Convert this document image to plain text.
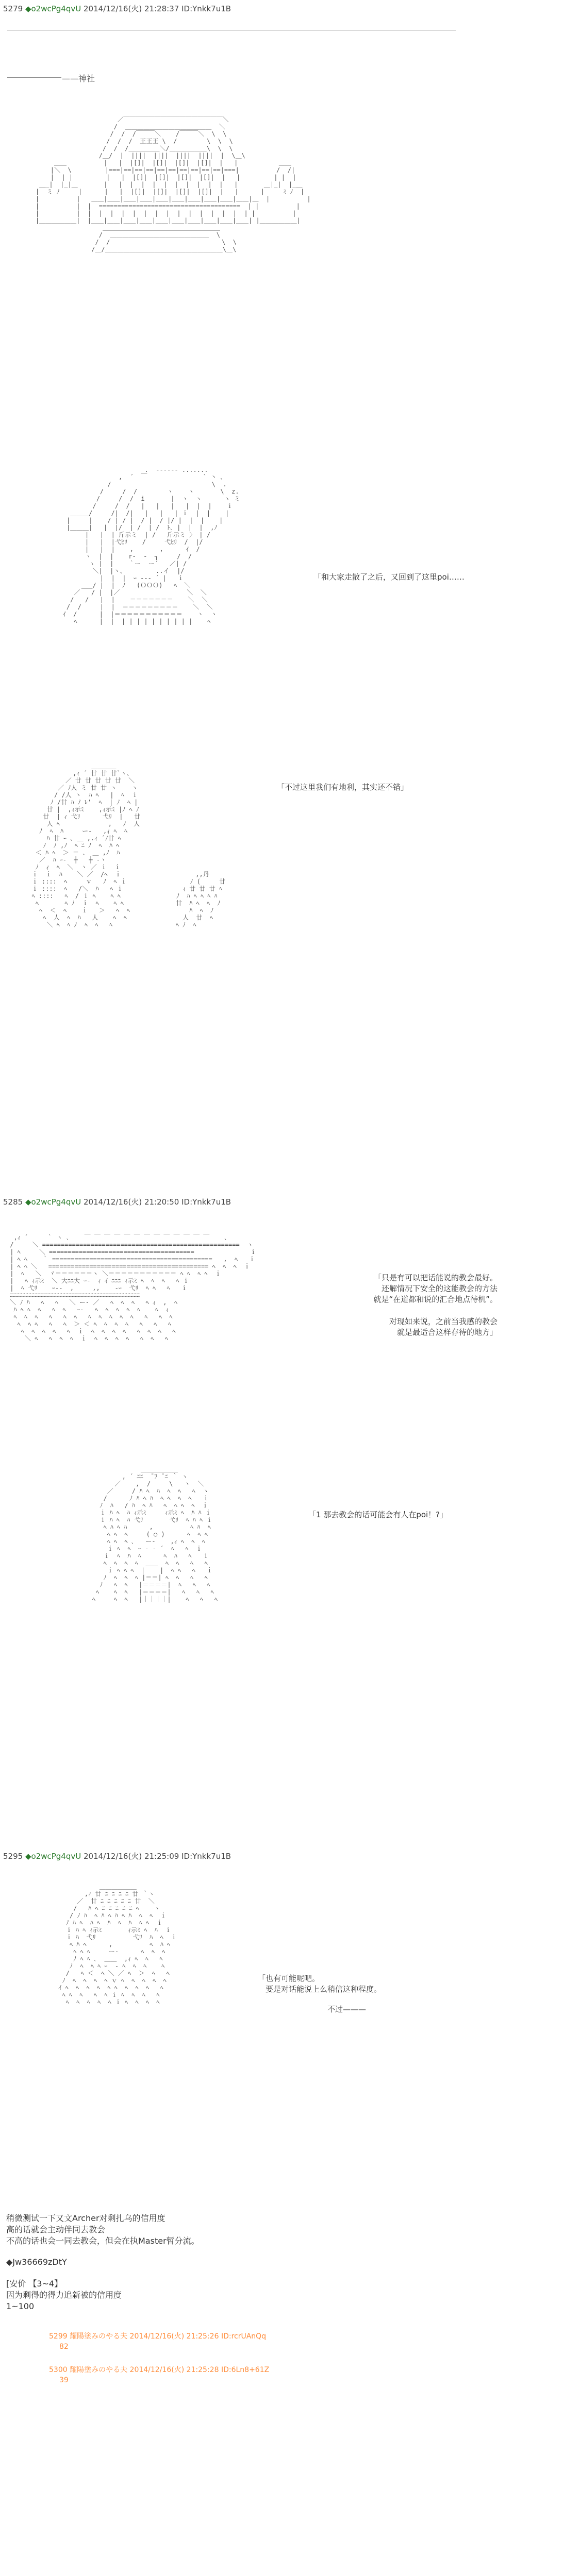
5279 ◆o2wcPg4qvU 2014/12/16(火) 21:28:37 ID:Ynkk7u1B
——神社
／￣￣￣￣￣￣￣￣￣￣￣￣￣￣￣￣＼
/  ＿＿＿＿＿＿＿＿＿＿＿＿＿＿  ＼
/  /  /￣￣￣＼    /￣￣￣＼  \  \
/  /  /  王王王 \  /        \  \  \
/  /  /＿＿＿＿＿＼/＿＿＿＿＿＿\  \  \
/＿/  |  ||||  ||||  ||||  ||||  |  \＿\
＿＿          |   |  |[]|  |[]|  |[]|  |[]|  |   |           ＿＿
|＼  \         |===|==|==|==|==|==|==|==|==|==|===|          /  /|
|  | |         |   |  |[]|  |[]|  |[]|  |[]|  |   |         | |  |
＿_|  |_|＿       |   |  |  |  |  |  |  |  |  |  |   |       ＿|_|  |_＿
|  ミ ﾉ     |      |   |  |[]|  |[]|  |[]|  |[]|  |   |      |     ﾐ ﾉ  |
|          |   ＿＿|＿＿|＿＿|＿＿|＿＿|＿＿|＿＿|＿＿|＿＿|＿＿|＿  |          |
|          |  |  ======================================  | |          |
|          |  |  |  |  |  |  |  |  |  |  |  |  |  |  |  | |          |
|＿＿＿＿＿＿|  |＿＿|＿＿|＿＿|＿＿|＿＿|＿＿|＿＿|＿＿|＿＿|＿＿| |＿＿＿＿＿＿|
＿＿＿＿＿＿＿＿＿＿＿＿＿＿＿＿＿＿＿
/  ＿＿＿＿＿＿＿＿＿＿＿＿＿＿＿＿  \
/  /                              \  \
/＿/＿＿＿＿＿＿＿＿＿＿＿＿＿＿＿＿＿＿＿\＿\

.  ---‐‐‐ .......
,  ´  ￣               ` 丶 、
/                           \  .
/     /  /        ヽ    ヽ       \  z.
/     /  /  i       |  ヽ  ヽ      ヽ ミ
/     /  /   |   |   |   |  |  |    ｉ
＿＿＿/     /|  /|   |   |   | ｉ  |  |    |
|     |    / | / |  / |  / |/ |  |  |    |
|＿＿＿|   |  |/  | /  | /  ﾄ､ |  |  |  ,ﾉ
|   |  | 斤示ミ  | /   斤示ミ 〉 | /
|   |  |弋ﾋﾘ    /     弋ﾋﾘ  /  |/
|   |  |    ,       ,      ｲ  /
ヽ  |  |    r‐  ‐  ┐     /  /
ヽ |  |    ｀ー  ー´   ／| /
＼|  |ヽ、        ..イ  |/
|  |  |  ｰ --‐ ´ |   ｉ
___/ |  |  ﾉ   (ＯＯＯ)   ﾍ  ＼
／   / |  |／                  ＼  ＼
/   /   |  |    ＝＝＝＝＝＝＝    ＼  ＼
/  /     |  |  ＝＝＝＝＝＝＝＝＝    ＼  ＼
ｲ  /      |  |＝＝＝＝＝＝＝＝＝＝＝    ヽ  ヽ
ﾍ      |  |  | | | | | | | | | |    ﾍ

「和大家走散了之后，又回到了这里poi……
＿＿＿＿
,ｨ ´ 廿 廿 廿`ヽ、
／ 廿 廿 廿 廿 廿  ＼
／ ﾉ人 ミ 廿 廿 ヽ    ヽ
/ /人 ヽ  ﾊ ﾍ   |  ﾍ  ｉ
ﾉ /廿 ﾊ ﾉ ﾚ'  ﾍ  | ﾉ  ﾍ |
廿 |  ,ｨ示ﾐ    ,ｨ示ﾐ |ﾉ ﾍ ﾉ
廿  | ｨ 弋ﾘ      弋ﾘ  |   廿
人 ﾍ             ,   ﾉ  人
ﾉ  ﾍ  ﾊ     ー‐   ,ｨ ﾍ  ﾍ
ﾊ 廿 ｰ ､ ＿ ,.ｨ ´ﾉ廿 ﾍ
ﾉ  ﾉ ,ﾉ  ﾍ ﾆ ﾉ  ﾍ  ﾊ ﾍ
＜ ﾊ ﾍ  ＞ ＝ 、 ＿ ,ﾉ  ﾊ
／  ﾊ ｰ‐  ┼   ┼ ‐ヽ
ﾉ  ｨ  ﾍ  ＼  ヽ ／ ｉ  ｉ
ｉ  ｉ  ﾊ    ＼ ／  /ﾍ  ｉ                    ,,丹
ｉ ::::  ﾍ     ｖ   ﾉ  ﾍ ｉ                 ﾉ (     廿
ｉ ::::  ﾍ   /＼  ﾊ   ﾍ ｉ                ｨ 廿 廿 廿 ﾍ
ﾍ ::::   ﾍ  / ｉ ﾍ    ﾍ ﾍ               ﾉ  ﾊ ﾍ ﾍ ﾍ ﾊ
ﾍ       ﾍ ﾉ  ｉ  ﾍ    ﾍ ﾍ              廿  ﾊ ﾍ  ﾍ  ﾉ
ﾍ  ＜  ﾍ    ｉ   ＞   ﾍ  ﾍ                ﾊ  ﾍ  ﾉ
ﾍ  人  ﾍ  ﾊ   人    ﾍ  ﾍ               人  廿  ﾍ
＼ ﾍ  ﾍ ﾉ  ﾍ  ﾍ   ﾍ                 ﾍ ﾉ  ﾍ

「不过这里我们有地利，其实还不错」
5285 ◆o2wcPg4qvU 2014/12/16(火) 21:20:50 ID:Ynkk7u1B
,ｨ ´     ｀ ヽ ､    ￣ ￣ ￣ ￣ ￣ ￣ ￣ ￣ ￣ ￣ ￣ ￣ ￣    ､
/     ＼ =====================================================  ヽ
| ﾍ     ＼ =======================================               ｉ
| ﾍ ﾍ    ｀ ===========================================   ,  ﾍ   ｉ
| ﾍ ﾍ ＼   =========================================== ﾍ  ﾍ  ﾍ  ｉ
|  ﾍ   ＼  ヾ＝＝＝＝＝＝ヽ ＼＝＝＝＝＝＝＝＝＝＝＝ ﾍ ﾍ  ﾍ ﾍ  ｉ
|   ﾍ ｨ示ﾐ  ＼ 大ﾆﾆ大 ｰ‐  ｨ ｲ ﾆﾆﾆ ｨ示ﾐ ﾍ  ﾍ  ﾍ   ﾍ ｉ
|  ﾍ 弋ﾘ    ｰ-‐  ,     ,,    ‐ｰ  弋ﾘ  ﾍ ﾍ   ﾍ   ｉ
ﾆﾆﾆﾆﾆﾆﾆﾆﾆﾆﾆﾆﾆﾆﾆﾆﾆﾆﾆﾆﾆﾆﾆﾆﾆﾆﾆﾆﾆﾆﾆﾆﾆﾆﾆﾆﾆﾆﾆﾆﾆﾆ
＼ ﾉ ﾊ   ﾍ   ﾍ   ＼ ー‐ ／   ﾍ  ﾍ  ﾍ   ﾍ ｨ  ,  ﾍ
ﾊ ﾍ ﾍ  ﾍ   ﾍ  ﾍ   ｰ‐   ﾍ  ﾍ  ﾍ  ﾍ  ﾍ    ﾍ  ｨ
ﾍ  ﾍ  ﾍ   ﾍ   ﾍ  ﾍ   ﾍ  ﾍ  ﾍ  ﾍ  ﾍ   ﾍ   ﾍ  ﾍ
ﾍ  ﾍ ﾍ   ﾍ   ﾍ  ＞ ＜ ﾍ  ﾍ  ﾍ  ﾍ   ﾍ   ﾍ   ﾍ
ﾍ  ﾍ  ﾍ  ﾍ   ﾍ  ｉ  ﾍ  ﾍ  ﾍ  ﾍ   ﾍ  ﾍ  ﾍ   ﾍ
＼ ﾍ   ﾍ  ﾍ  ﾍ  ｉ  ﾍ  ﾍ  ﾍ  ﾍ   ﾍ  ﾍ   ﾍ

「只是有可以把话能说的教会最好。
还解情况下安全的这能教会的方法
就是“在道都和说的汇合地点待机”。
对现如来说，之前当我感的教会
就是最适合这样存待的地方」
＿＿＿＿＿＿
, ´ ﾆﾆ  ̄ ﾌ ̄ ﾆ ｀ ヽ
／    ,  /     \   ヽ  ＼
／     / ﾊ ﾍ  ﾊ  ﾍ  ﾍ   ﾍ  ヽ
/      ﾉ ﾊ ﾍ ﾊ  ﾍ ﾍ  ﾍ  ﾍ   ｉ
ﾉ  ﾊ   / ﾊ  ﾍ ﾊ   ﾍ  ﾍ ﾍ  ﾍ  ｉ
ｉ ﾊ ﾍ  ﾊ ｨ示ﾐ     ｨ示ﾐ ﾍ  ﾊ ﾊ ｉ
ｉ ﾊ ﾍ  ﾊ 弋ﾘ       弋ﾘ  ﾍ ﾊ ﾍ ｉ
ﾍ ﾊ ﾍ ﾊ      ,          ﾍ ﾊ  ﾍ
ﾍ ﾍ  ﾍ     ( ○ )      ﾍ  ﾍ ﾍ
ﾍ ﾍ  ﾍ ､   ー‐    ,ｨ ﾍ  ﾍ  ﾍ
ｉ ﾍ  ﾍ  ｰ - ‐ ´  ﾍ   ﾍ  ｉ
ｉ  ﾍ  ﾊ  ﾍ      ﾍ  ﾊ   ﾍ   ｉ
ﾍ  ﾍ  ﾍ  ﾍ  ＿＿  ﾍ  ﾍ   ﾍ   ﾍ
ｉ ﾍ ﾍ ﾍ  |    |  ﾍ ﾍ   ﾍ   ｉ
ﾉ  ﾍ  ﾍ  ﾍ |＝＝| ﾍ  ﾍ   ﾍ   ﾍ
ﾉ   ﾍ  ﾍ   |＝＝＝＝|  ﾍ   ﾍ   ﾍ
ﾍ    ﾍ  ﾍ   |＝＝＝＝|   ﾍ   ﾍ   ﾍ
ﾍ     ﾍ  ﾍ   |｜｜｜｜|    ﾍ   ﾍ   ﾍ

「1 那去教会的话可能会有人在poi！?」
5295 ◆o2wcPg4qvU 2014/12/16(火) 21:25:09 ID:Ynkk7u1B
＿＿＿＿＿＿
,ｨ 廿 ﾆ ﾆ ﾆ ﾆ 廿 ｀ヽ
／  廿 ﾆ ﾆ ﾆ ﾆ ﾆ 廿  ＼
/   ﾊ ﾍ ﾆ ﾆ ﾆ ﾆ ﾆ ﾍ    ヽ
/ ﾉ ﾊ  ﾍ ﾊ ﾍ ﾊ ﾍ ﾊ  ﾍ  ﾍ  ｉ
ﾉ ﾊ ﾍ  ﾊ ﾍ  ﾊ  ﾍ  ﾊ  ﾍ ﾍ  ｉ
ｉ ﾊ ﾍ ｨ示ﾐ       ｨ示ﾐ ﾍ  ﾊ  ｉ
ｉ ﾊ  弋ﾘ          弋ﾘ  ﾊ  ﾍ  ｉ
ﾍ ﾊ ﾍ      ,          ﾍ  ﾊ ﾍ
ﾍ ﾍ ﾍ     ー‐      ﾍ  ﾍ  ﾍ
ﾉ ﾍ ﾍ ､  ＿＿  ,ｨ ﾍ  ﾍ   ﾍ
ﾉ  ﾍ  ﾍ ﾍ ｰ  ‐ ﾍ  ﾍ  ﾍ    ﾍ
/   ﾍ ＜  ﾍ ＼ ／ ﾍ  ＞  ﾍ   ﾍ
ﾉ  ﾍ  ﾍ  ﾍ  ﾍ ｖ ﾍ  ﾍ  ﾍ  ﾍ  ﾍ
ｲ ﾍ  ﾍ  ﾍ  ﾍ  ﾍ ﾍ  ﾍ  ﾍ  ﾍ   ﾍ
ﾍ ﾍ  ﾍ   ﾍ  ﾍ ｉ ﾍ  ﾍ  ﾍ   ﾍ
ﾍ  ﾍ  ﾍ  ﾍ  ﾍ ｉ ﾍ  ﾍ  ﾍ  ﾍ

「也有可能呢吧。
要是对话能说上么稍信这种程度。
不过———
稍微测试一下又文Archer对剩扎乌的信用度
高的话就会主动伴同去教会
不高的话也会一同去教会，但会在执Master暂分流。
◆Jw36669zDtY
[安价 【3~4】
因为剩得的得力追新被的信用度
1~100
5299 耀陽塗みのやる夫 2014/12/16(火) 21:25:26 ID:rcrUAnQq
82
5300 耀陽塗みのやる夫 2014/12/16(火) 21:25:28 ID:6Ln8+61Z
39
